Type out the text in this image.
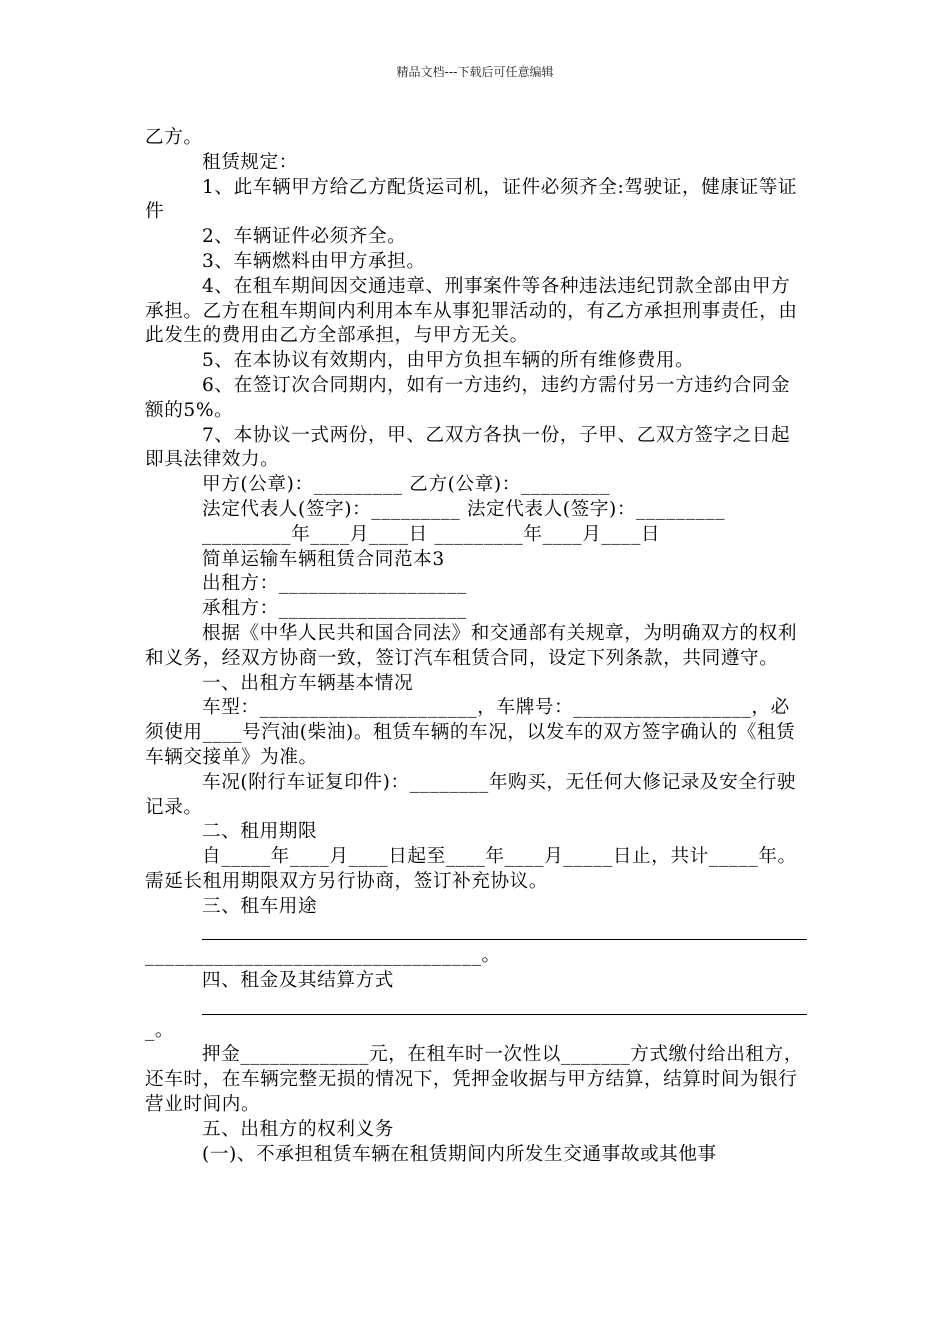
精品文档---下载后可任意编辑

乙方。

租赁规定：

1、此车辆甲方给乙方配货运司机，证件必须齐全:驾驶证，健康证等证件

2、车辆证件必须齐全。

3、车辆燃料由甲方承担。

4、在租车期间因交通违章、刑事案件等各种违法违纪罚款全部由甲方承担。乙方在租车期间内利用本车从事犯罪活动的，有乙方承担刑事责任，由此发生的费用由乙方全部承担，与甲方无关。

5、在本协议有效期内，由甲方负担车辆的所有维修费用。

6、在签订次合同期内，如有一方违约，违约方需付另一方违约合同金额的5%。

7、本协议一式两份，甲、乙双方各执一份，子甲、乙双方签字之日起即具法律效力。

甲方(公章)：_________ 乙方(公章)：_________

法定代表人(签字)：_________ 法定代表人(签字)：_________

_________年____月____日 _________年____月____日

简单运输车辆租赁合同范本3

出租方：___________________

承租方：___________________

根据《中华人民共和国合同法》和交通部有关规章，为明确双方的权利和义务，经双方协商一致，签订汽车租赁合同，设定下列条款，共同遵守。

一、出租方车辆基本情况

车型：______________________，车牌号：__________________，必须使用____号汽油(柴油)。租赁车辆的车况，以发车的双方签字确认的《租赁车辆交接单》为准。

车况(附行车证复印件)：________年购买，无任何大修记录及安全行驶记录。

二、租用期限

自_____年____月____日起至____年____月_____日止，共计_____年。需延长租用期限双方另行协商，签订补充协议。

三、租车用途

__________________________________。

四、租金及其结算方式

_。

押金_____________元，在租车时一次性以_______方式缴付给出租方，还车时，在车辆完整无损的情况下，凭押金收据与甲方结算，结算时间为银行营业时间内。

五、出租方的权利义务

(一)、不承担租赁车辆在租赁期间内所发生交通事故或其他事
